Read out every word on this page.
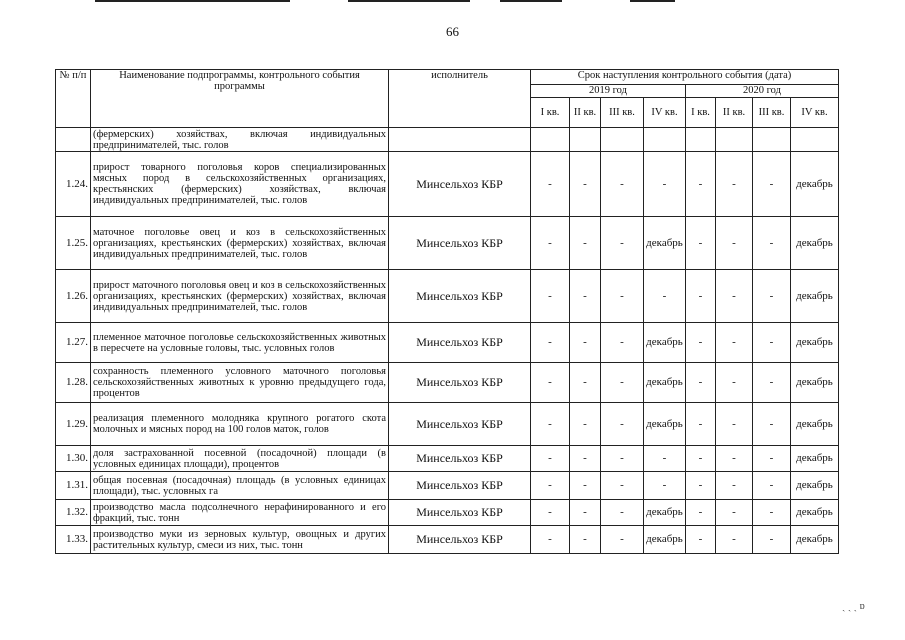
66
№ п/п	Наименование подпрограммы, контрольного события программы	исполнитель	Срок наступления контрольного события (дата)							
			2019 год				2020 год			
			I кв.	II кв.	III кв.	IV кв.	I кв.	II кв.	III кв.	IV кв.
	(фермерских) хозяйствах, включая индивидуальных предпринимателей, тыс. голов									
1.24.	прирост товарного поголовья коров специализированных мясных пород в сельскохозяйственных организациях, крестьянских (фермерских) хозяйствах, включая индивидуальных предпринимателей, тыс. голов	Минсельхоз КБР	-	-	-	-	-	-	-	декабрь
1.25.	маточное поголовье овец и коз в сельскохозяйственных организациях, крестьянских (фермерских) хозяйствах, включая индивидуальных предпринимателей, тыс. голов	Минсельхоз КБР	-	-	-	декабрь	-	-	-	декабрь
1.26.	прирост маточного поголовья овец и коз в сельскохозяйственных организациях, крестьянских (фермерских) хозяйствах, включая индивидуальных предпринимателей, тыс. голов	Минсельхоз КБР	-	-	-	-	-	-	-	декабрь
1.27.	племенное маточное поголовье сельскохозяйственных животных в пересчете на условные головы, тыс. условных голов	Минсельхоз КБР	-	-	-	декабрь	-	-	-	декабрь
1.28.	сохранность племенного условного маточного поголовья сельскохозяйственных животных к уровню предыдущего года, процентов	Минсельхоз КБР	-	-	-	декабрь	-	-	-	декабрь
1.29.	реализация племенного молодняка крупного рогатого скота молочных и мясных пород на 100 голов маток, голов	Минсельхоз КБР	-	-	-	декабрь	-	-	-	декабрь
1.30.	доля застрахованной посевной (посадочной) площади (в условных единицах площади), процентов	Минсельхоз КБР	-	-	-	-	-	-	-	декабрь
1.31.	общая посевная (посадочная) площадь (в условных единицах площади), тыс. условных га	Минсельхоз КБР	-	-	-	-	-	-	-	декабрь
1.32.	производство масла подсолнечного нерафинированного и его фракций, тыс. тонн	Минсельхоз КБР	-	-	-	декабрь	-	-	-	декабрь
1.33.	производство муки из зерновых культур, овощных и других растительных культур, смеси из них, тыс. тонн	Минсельхоз КБР	-	-	-	декабрь	-	-	-	декабрь
ˎ ˏ ˏ ɒ
